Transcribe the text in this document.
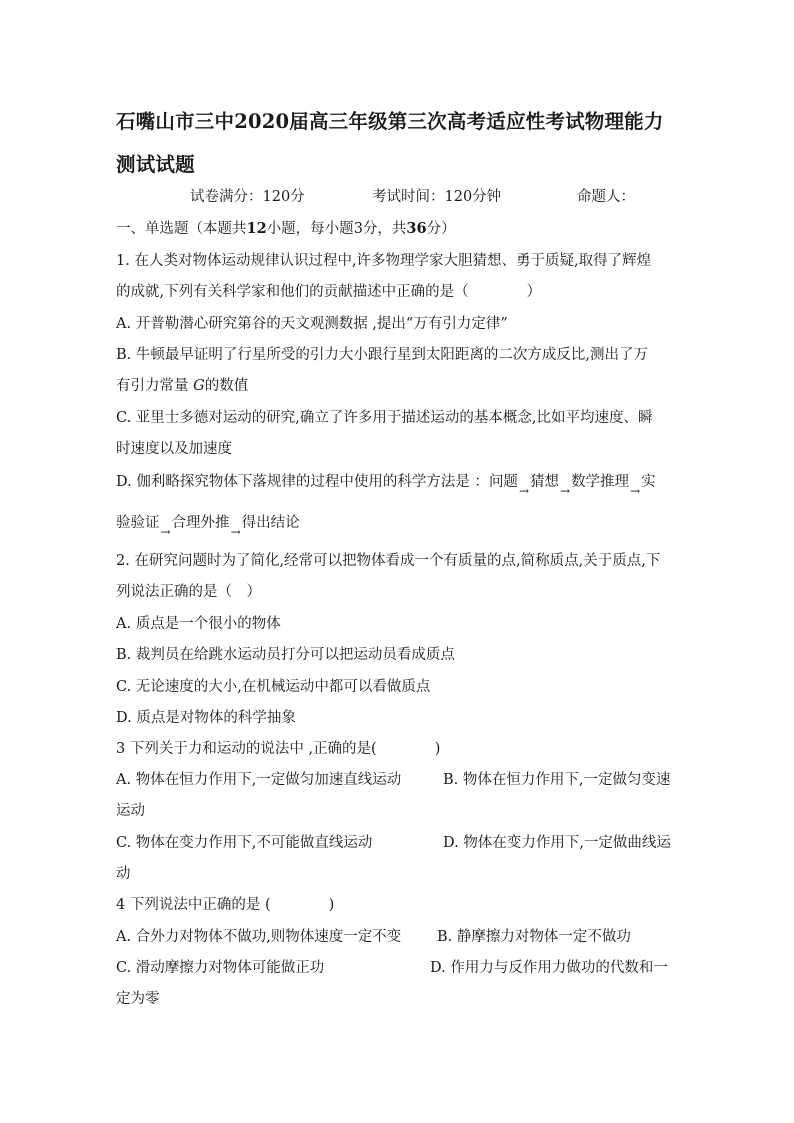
石嘴山市三中2020届高三年级第三次高考适应性考试物理能力
测试试题
试卷满分：120分	考试时间：120分钟	命题人：
一、单选题（本题共12小题，每小题3分，共36分）
1. 在人类对物体运动规律认识过程中,许多物理学家大胆猜想、勇于质疑,取得了辉煌
的成就,下列有关科学家和他们的贡献描述中正确的是（　　　　）
A. 开普勒潜心研究第谷的天文观测数据 ,提出“万有引力定律”
B. 牛顿最早证明了行星所受的引力大小跟行星到太阳距离的二次方成反比,测出了万
有引力常量 G的数值
C. 亚里士多德对运动的研究,确立了许多用于描述运动的基本概念,比如平均速度、瞬
时速度以及加速度
D. 伽利略探究物体下落规律的过程中使用的科学方法是 ：问题→猜想→数学推理→实
验验证→合理外推→得出结论
2. 在研究问题时为了简化,经常可以把物体看成一个有质量的点,简称质点,关于质点,下
列说法正确的是（　）
A. 质点是一个很小的物体
B. 裁判员在给跳水运动员打分可以把运动员看成质点
C. 无论速度的大小,在机械运动中都可以看做质点
D. 质点是对物体的科学抽象
3 下列关于力和运动的说法中 ,正确的是(　　　　)
A. 物体在恒力作用下,一定做匀加速直线运动	B. 物体在恒力作用下,一定做匀变速
运动
C. 物体在变力作用下,不可能做直线运动	D. 物体在变力作用下,一定做曲线运
动
4 下列说法中正确的是 (　　　　)
A. 合外力对物体不做功,则物体速度一定不变 B. 静摩擦力对物体一定不做功
C. 滑动摩擦力对物体可能做正功	D. 作用力与反作用力做功的代数和一
定为零
